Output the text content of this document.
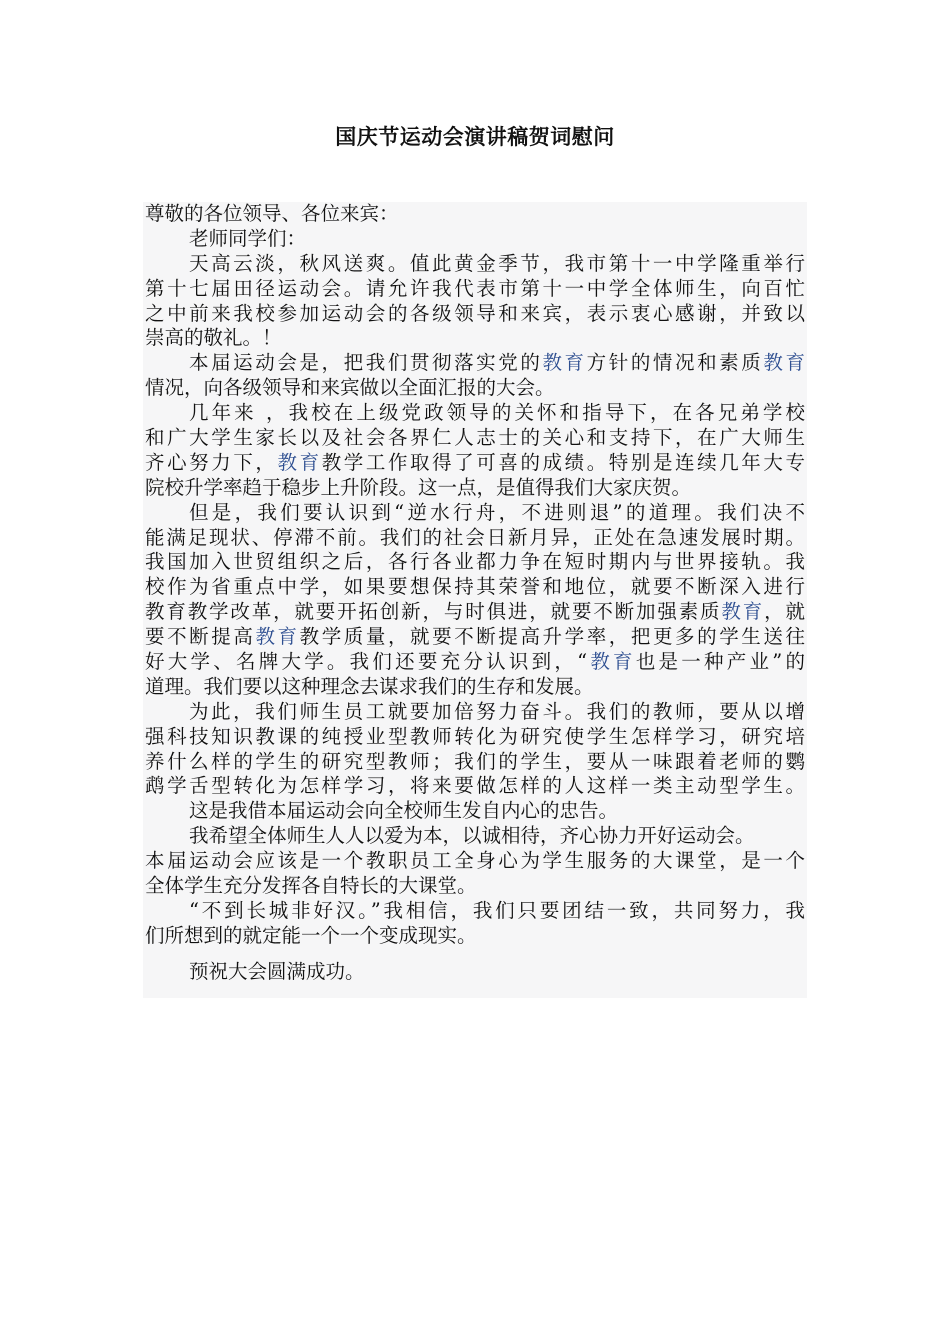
国庆节运动会演讲稿贺词慰问
尊敬的各位领导、各位来宾：
老师同学们：
天高云淡，秋风送爽。值此黄金季节，我市第十一中学隆重举行
第十七届田径运动会。请允许我代表市第十一中学全体师生，向百忙
之中前来我校参加运动会的各级领导和来宾，表示衷心感谢，并致以
崇高的敬礼。！
本届运动会是，把我们贯彻落实党的教育方针的情况和素质教育
情况，向各级领导和来宾做以全面汇报的大会。
几年来 ，我校在上级党政领导的关怀和指导下，在各兄弟学校
和广大学生家长以及社会各界仁人志士的关心和支持下，在广大师生
齐心努力下，教育教学工作取得了可喜的成绩。特别是连续几年大专
院校升学率趋于稳步上升阶段。这一点，是值得我们大家庆贺。
但是，我们要认识到“逆水行舟，不进则退”的道理。我们决不
能满足现状、停滞不前。我们的社会日新月异，正处在急速发展时期。
我国加入世贸组织之后，各行各业都力争在短时期内与世界接轨。我
校作为省重点中学，如果要想保持其荣誉和地位，就要不断深入进行
教育教学改革，就要开拓创新，与时俱进，就要不断加强素质教育，就
要不断提高教育教学质量，就要不断提高升学率，把更多的学生送往
好大学、名牌大学。我们还要充分认识到，“教育也是一种产业”的
道理。我们要以这种理念去谋求我们的生存和发展。
为此，我们师生员工就要加倍努力奋斗。我们的教师，要从以增
强科技知识教课的纯授业型教师转化为研究使学生怎样学习，研究培
养什么样的学生的研究型教师；我们的学生，要从一味跟着老师的鹦
鹉学舌型转化为怎样学习，将来要做怎样的人这样一类主动型学生。
这是我借本届运动会向全校师生发自内心的忠告。
我希望全体师生人人以爱为本，以诚相待，齐心协力开好运动会。
本届运动会应该是一个教职员工全身心为学生服务的大课堂，是一个
全体学生充分发挥各自特长的大课堂。
“不到长城非好汉。”我相信，我们只要团结一致，共同努力，我
们所想到的就定能一个一个变成现实。
预祝大会圆满成功。
